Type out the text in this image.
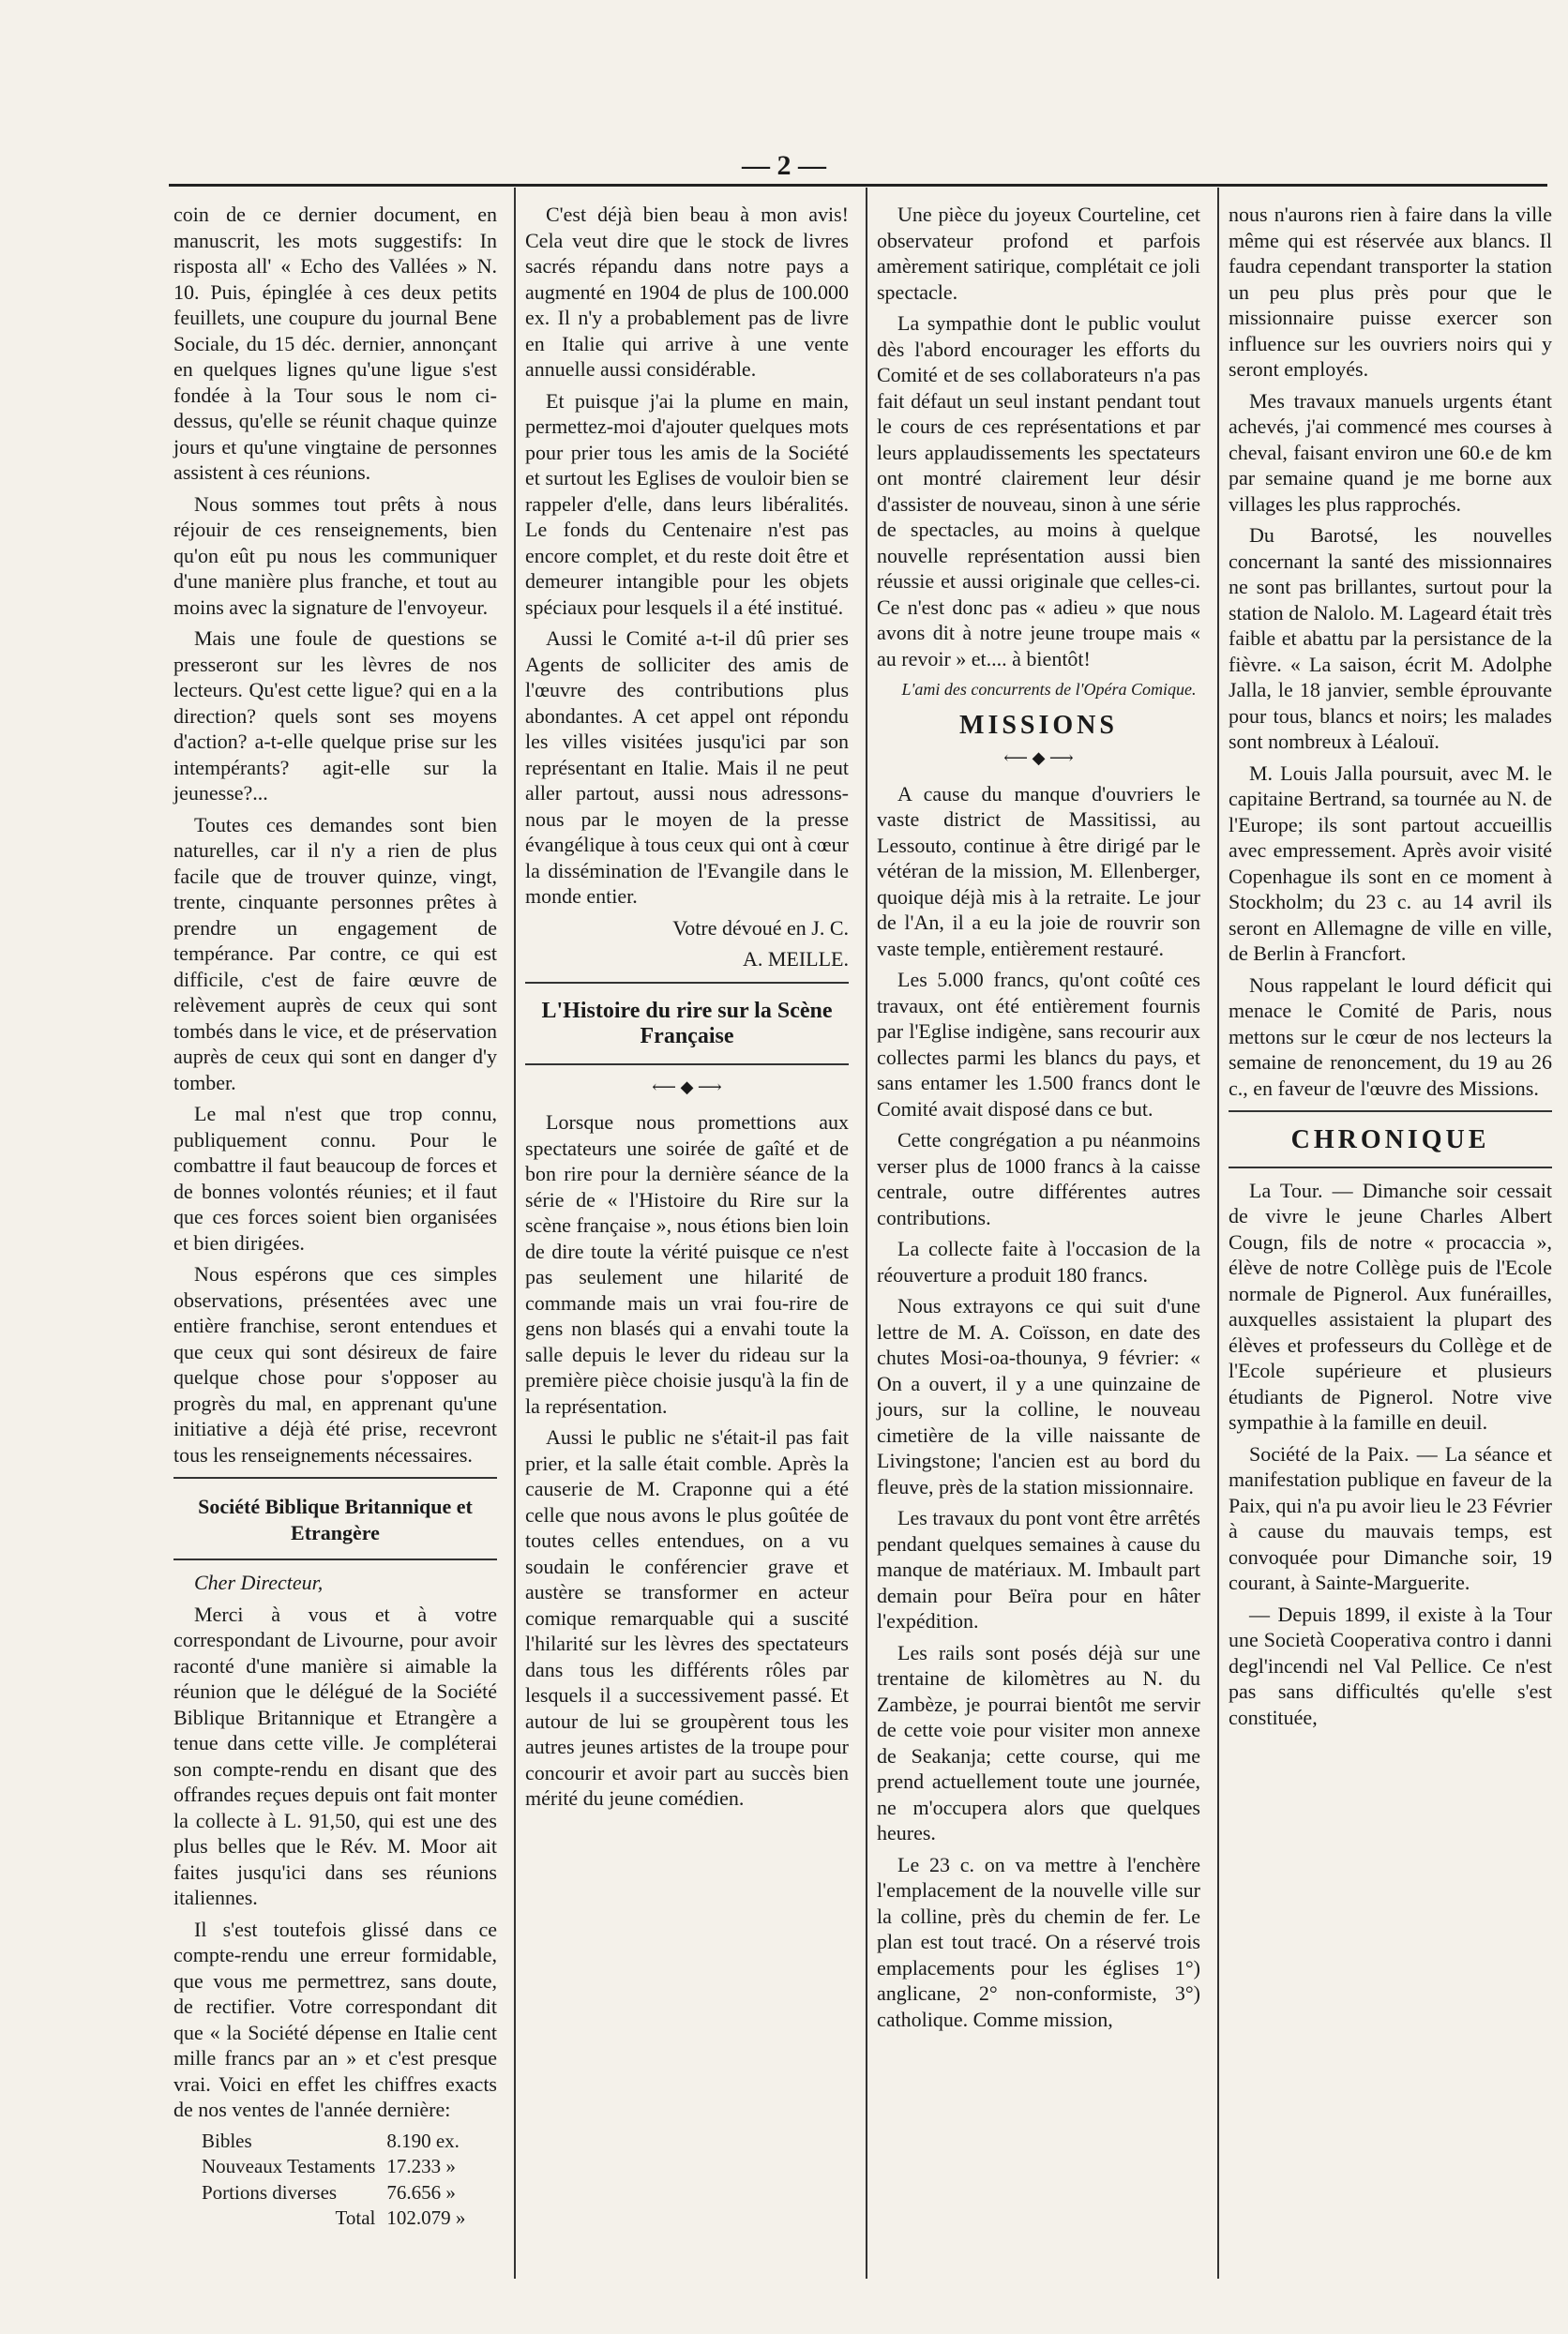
— 2 —

coin de ce dernier document, en manuscrit, les mots suggestifs: In risposta all' « Echo des Vallées » N. 10. Puis, épinglée à ces deux petits feuillets, une coupure du journal Bene Sociale, du 15 déc. dernier, annonçant en quelques lignes qu'une ligue s'est fondée à la Tour sous le nom ci-dessus, qu'elle se réunit chaque quinze jours et qu'une vingtaine de personnes assistent à ces réunions.

Nous sommes tout prêts à nous réjouir de ces renseignements, bien qu'on eût pu nous les communiquer d'une manière plus franche, et tout au moins avec la signature de l'envoyeur.

Mais une foule de questions se presseront sur les lèvres de nos lecteurs. Qu'est cette ligue? qui en a la direction? quels sont ses moyens d'action? a-t-elle quelque prise sur les intempérants? agit-elle sur la jeunesse?...

Toutes ces demandes sont bien naturelles, car il n'y a rien de plus facile que de trouver quinze, vingt, trente, cinquante personnes prêtes à prendre un engagement de tempérance. Par contre, ce qui est difficile, c'est de faire œuvre de relèvement auprès de ceux qui sont tombés dans le vice, et de préservation auprès de ceux qui sont en danger d'y tomber.

Le mal n'est que trop connu, publiquement connu. Pour le combattre il faut beaucoup de forces et de bonnes volontés réunies; et il faut que ces forces soient bien organisées et bien dirigées.

Nous espérons que ces simples observations, présentées avec une entière franchise, seront entendues et que ceux qui sont désireux de faire quelque chose pour s'opposer au progrès du mal, en apprenant qu'une initiative a déjà été prise, recevront tous les renseignements nécessaires.

Société Biblique Britannique et Etrangère

Cher Directeur,

Merci à vous et à votre correspondant de Livourne, pour avoir raconté d'une manière si aimable la réunion que le délégué de la Société Biblique Britannique et Etrangère a tenue dans cette ville. Je compléterai son compte-rendu en disant que des offrandes reçues depuis ont fait monter la collecte à L. 91,50, qui est une des plus belles que le Rév. M. Moor ait faites jusqu'ici dans ses réunions italiennes.

Il s'est toutefois glissé dans ce compte-rendu une erreur formidable, que vous me permettrez, sans doute, de rectifier. Votre correspondant dit que « la Société dépense en Italie cent mille francs par an » et c'est presque vrai. Voici en effet les chiffres exacts de nos ventes de l'année dernière:

Bibles	8.190 ex.
Nouveaux Testaments	17.233 »
Portions diverses	76.656 »
Total	102.079 »

C'est déjà bien beau à mon avis! Cela veut dire que le stock de livres sacrés répandu dans notre pays a augmenté en 1904 de plus de 100.000 ex. Il n'y a probablement pas de livre en Italie qui arrive à une vente annuelle aussi considérable.

Et puisque j'ai la plume en main, permettez-moi d'ajouter quelques mots pour prier tous les amis de la Société et surtout les Eglises de vouloir bien se rappeler d'elle, dans leurs libéralités. Le fonds du Centenaire n'est pas encore complet, et du reste doit être et demeurer intangible pour les objets spéciaux pour lesquels il a été institué.

Aussi le Comité a-t-il dû prier ses Agents de solliciter des amis de l'œuvre des contributions plus abondantes. A cet appel ont répondu les villes visitées jusqu'ici par son représentant en Italie. Mais il ne peut aller partout, aussi nous adressons-nous par le moyen de la presse évangélique à tous ceux qui ont à cœur la dissémination de l'Evangile dans le monde entier.

Votre dévoué en J. C.

A. MEILLE.

L'Histoire du rire sur la Scène Française
⟵ ◆ ⟶

Lorsque nous promettions aux spectateurs une soirée de gaîté et de bon rire pour la dernière séance de la série de « l'Histoire du Rire sur la scène française », nous étions bien loin de dire toute la vérité puisque ce n'est pas seulement une hilarité de commande mais un vrai fou-rire de gens non blasés qui a envahi toute la salle depuis le lever du rideau sur la première pièce choisie jusqu'à la fin de la représentation.

Aussi le public ne s'était-il pas fait prier, et la salle était comble. Après la causerie de M. Craponne qui a été celle que nous avons le plus goûtée de toutes celles entendues, on a vu soudain le conférencier grave et austère se transformer en acteur comique remarquable qui a suscité l'hilarité sur les lèvres des spectateurs dans tous les différents rôles par lesquels il a successivement passé. Et autour de lui se groupèrent tous les autres jeunes artistes de la troupe pour concourir et avoir part au succès bien mérité du jeune comédien.

Une pièce du joyeux Courteline, cet observateur profond et parfois amèrement satirique, complétait ce joli spectacle.

La sympathie dont le public voulut dès l'abord encourager les efforts du Comité et de ses collaborateurs n'a pas fait défaut un seul instant pendant tout le cours de ces représentations et par leurs applaudissements les spectateurs ont montré clairement leur désir d'assister de nouveau, sinon à une série de spectacles, au moins à quelque nouvelle représentation aussi bien réussie et aussi originale que celles-ci. Ce n'est donc pas « adieu » que nous avons dit à notre jeune troupe mais « au revoir » et.... à bientôt!

L'ami des concurrents de l'Opéra Comique.

MISSIONS
⟵ ◆ ⟶

A cause du manque d'ouvriers le vaste district de Massitissi, au Lessouto, continue à être dirigé par le vétéran de la mission, M. Ellenberger, quoique déjà mis à la retraite. Le jour de l'An, il a eu la joie de rouvrir son vaste temple, entièrement restauré.

Les 5.000 francs, qu'ont coûté ces travaux, ont été entièrement fournis par l'Eglise indigène, sans recourir aux collectes parmi les blancs du pays, et sans entamer les 1.500 francs dont le Comité avait disposé dans ce but.

Cette congrégation a pu néanmoins verser plus de 1000 francs à la caisse centrale, outre différentes autres contributions.

La collecte faite à l'occasion de la réouverture a produit 180 francs.

Nous extrayons ce qui suit d'une lettre de M. A. Coïsson, en date des chutes Mosi-oa-thounya, 9 février: « On a ouvert, il y a une quinzaine de jours, sur la colline, le nouveau cimetière de la ville naissante de Livingstone; l'ancien est au bord du fleuve, près de la station missionnaire.

Les travaux du pont vont être arrêtés pendant quelques semaines à cause du manque de matériaux. M. Imbault part demain pour Beïra pour en hâter l'expédition.

Les rails sont posés déjà sur une trentaine de kilomètres au N. du Zambèze, je pourrai bientôt me servir de cette voie pour visiter mon annexe de Seakanja; cette course, qui me prend actuellement toute une journée, ne m'occupera alors que quelques heures.

Le 23 c. on va mettre à l'enchère l'emplacement de la nouvelle ville sur la colline, près du chemin de fer. Le plan est tout tracé. On a réservé trois emplacements pour les églises 1°) anglicane, 2° non-conformiste, 3°) catholique. Comme mission,

nous n'aurons rien à faire dans la ville même qui est réservée aux blancs. Il faudra cependant transporter la station un peu plus près pour que le missionnaire puisse exercer son influence sur les ouvriers noirs qui y seront employés.

Mes travaux manuels urgents étant achevés, j'ai commencé mes courses à cheval, faisant environ une 60.e de km par semaine quand je me borne aux villages les plus rapprochés.

Du Barotsé, les nouvelles concernant la santé des missionnaires ne sont pas brillantes, surtout pour la station de Nalolo. M. Lageard était très faible et abattu par la persistance de la fièvre. « La saison, écrit M. Adolphe Jalla, le 18 janvier, semble éprouvante pour tous, blancs et noirs; les malades sont nombreux à Léalouï.

M. Louis Jalla poursuit, avec M. le capitaine Bertrand, sa tournée au N. de l'Europe; ils sont partout accueillis avec empressement. Après avoir visité Copenhague ils sont en ce moment à Stockholm; du 23 c. au 14 avril ils seront en Allemagne de ville en ville, de Berlin à Francfort.

Nous rappelant le lourd déficit qui menace le Comité de Paris, nous mettons sur le cœur de nos lecteurs la semaine de renoncement, du 19 au 26 c., en faveur de l'œuvre des Missions.

CHRONIQUE

La Tour. — Dimanche soir cessait de vivre le jeune Charles Albert Cougn, fils de notre « procaccia », élève de notre Collège puis de l'Ecole normale de Pignerol. Aux funérailles, auxquelles assistaient la plupart des élèves et professeurs du Collège et de l'Ecole supérieure et plusieurs étudiants de Pignerol. Notre vive sympathie à la famille en deuil.

Société de la Paix. — La séance et manifestation publique en faveur de la Paix, qui n'a pu avoir lieu le 23 Février à cause du mauvais temps, est convoquée pour Dimanche soir, 19 courant, à Sainte-Marguerite.

— Depuis 1899, il existe à la Tour une Società Cooperativa contro i danni degl'incendi nel Val Pellice. Ce n'est pas sans difficultés qu'elle s'est constituée,
